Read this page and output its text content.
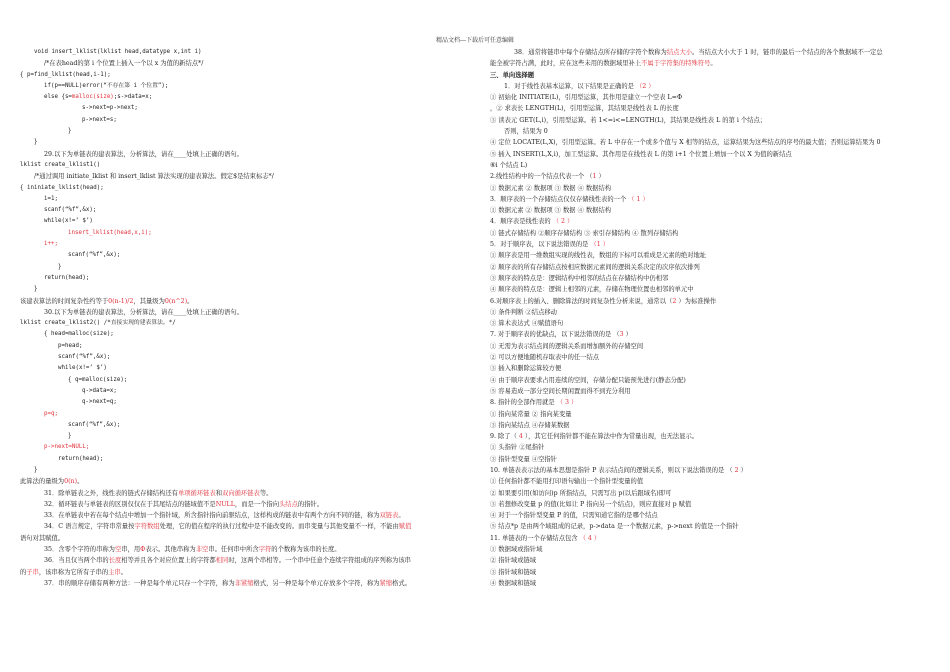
精品文档---下载后可任意编辑
void insert_lklist(lklist head,datatype x,int i)
/*在表head的第 i 个位置上插入一个以 x 为值的新结点*/
{ p=find_lklist(head,i-1);
if(p==NULL)error(“不存在第 i 个位置”);
else {s=malloc(size);s->data=x;
s->next=p->next;
p->next=s;
}
}
29.以下为单链表的建表算法，分析算法，请在____处填上正确的语句。
lklist create_lklist1()
/*通过调用 initiate_lklist 和 insert_lklist 算法实现的建表算法。假定$是结束标志*/
{ ininiate_lklist(head);
i=1;
scanf(“%f”,&x);
while(x!=’ $’)
insert_lklist(head,x,i);
i++;
scanf(“%f”,&x);
}
return(head);
}
该建表算法的时间复杂性约等于0(n-1)/2，其量级为0(n^2)。
30.以下为单链表的建表算法，分析算法，请在____处填上正确的语句。
lklist create_lklist2() /*直接实现的建表算法。*/
{ head=malloc(size);
p=head;
scanf(“%f”,&x);
while(x!=’ $’)
{ q=malloc(size);
q->data=x;
q->next=q;
p=q;
scanf(“%f”,&x);
}
p->next=NULL;
return(head);
}
此算法的量级为0(n)。
31．除单链表之外，线性表的链式存储结构还有单项循环链表和双向循环链表等。
32．循环链表与单链表的区别仅仅在于其尾结点的链域值不是NULL，而是一个指向头结点的指针。
33．在单链表中若在每个结点中增加一个指针域，所含指针指向前驱结点，这样构成的链表中有两个方向不同的链，称为双链表。
34．C 语言规定，字符串常量按字符数组处理，它的值在程序的执行过程中是不能改变的。而串变量与其他变量不一样，不能由赋值
语句对其赋值。
35．含零个字符的串称为空串，用Φ表示。其他串称为非空串。任何串中所含字符的个数称为该串的长度。
36．当且仅当两个串的长度相等并且各个对应位置上的字符都相同时，这两个串相等。一个串中任意个连续字符组成的序列称为该串
的子串，该串称为它所有子串的主串。
37．串的顺序存储有两种方法：一种是每个单元只存一个字符，称为非紧缩格式，另一种是每个单元存放多个字符，称为紧缩格式。
38．通常将链串中每个存储结点所存储的字符个数称为结点大小。当结点大小大于 1 时，链串的最后一个结点的各个数据域不一定总
能全被字符占满，此时，应在这些未用的数据域里补上不属于字符集的特殊符号。
三、单向选择题
1．对于线性表基本运算，以下结果是正确的是 （2 ）
① 初始化 INITIATE(L)，引用型运算，其作用是建立一个空表 L=Φ
，② 求表长 LENGTH(L)，引用型运算，其结果是线性表 L 的长度
③ 读表元 GET(L,i)，引用型运算。若 1<=i<=LENGTH(L)，其结果是线性表 L 的第 i 个结点；
否则，结果为 0
④ 定位 LOCATE(L,X)，引用型运算。若 L 中存在一个或多个值与 X 相等的结点，运算结果为这些结点的序号的最大值；否则运算结果为 0
⑤ 插入 INSERT(L,X,i)，加工型运算。其作用是在线性表 L 的第 i+1 个位置上增加一个以 X 为值的新结点
⑥i 个结点 L)
2.线性结构中的一个结点代表一个 （1 ）
① 数据元素 ② 数据项 ③ 数据 ④ 数据结构
3．顺序表的一个存储结点仅仅存储线性表的一个 （ 1 ）
① 数据元素 ② 数据项 ③ 数据 ④ 数据结构
4．顺序表是线性表的 （ 2 ）
① 链式存储结构 ②顺序存储结构 ③ 索引存储结构 ④ 散列存储结构
5．对于顺序表，以下说法错误的是 （1 ）
① 顺序表是用一维数组实现的线性表，数组的下标可以看成是元素的绝对地址
② 顺序表的所有存储结点按相应数据元素间的逻辑关系决定的次序依次排列
③ 顺序表的特点是：逻辑结构中相邻的结点在存储结构中仍相邻
④ 顺序表的特点是：逻辑上相邻的元素，存储在物理位置也相邻的单元中
6.对顺序表上的插入、删除算法的时间复杂性分析来说，通常以（2 ）为标准操作
① 条件判断 ②结点移动
③ 算术表达式 ④赋值语句
7. 对于顺序表的优缺点，以下说法错误的是 （3 ）
① 无需为表示结点间的逻辑关系而增加额外的存储空间
② 可以方便地随机存取表中的任一结点
③ 插入和删除运算较方便
④ 由于顺序表要求占用连续的空间，存储分配只能预先进行(静态分配)
⑤ 容易造成一部分空间长期闲置而得不到充分利用
8. 指针的全部作用就是 （ 3 ）
① 指向某常量 ② 指向某变量
③ 指向某结点 ④存储某数据
9. 除了（ 4 ），其它任何指针都不能在算法中作为常量出现，也无法显示。
① 头指针 ②尾指针
③ 指针型变量 ④空指针
10. 单链表表示法的基本思想是指针 P 表示结点间的逻辑关系，则以下说法错误的是 （ 2 ）
① 任何指针都不能用打印语句输出一个指针型变量的值
② 如果要引用(如访问)p 所指结点，只需写出 p(以后跟域名)即可
③ 若想修改变量 p 的值(比如让 P 指向另一个结点)，则应直接对 p 赋值
④ 对于一个指针型变量 P 的值，只需知道它指的是哪个结点
⑤ 结点*p 是由两个域组成的记录，p->data 是一个数据元素，p->next 的值是一个指针
11. 单链表的一个存储结点包含 （ 4 ）
① 数据域或指针域
② 指针域或链域
③ 指针域和链域
④ 数据域和链域
